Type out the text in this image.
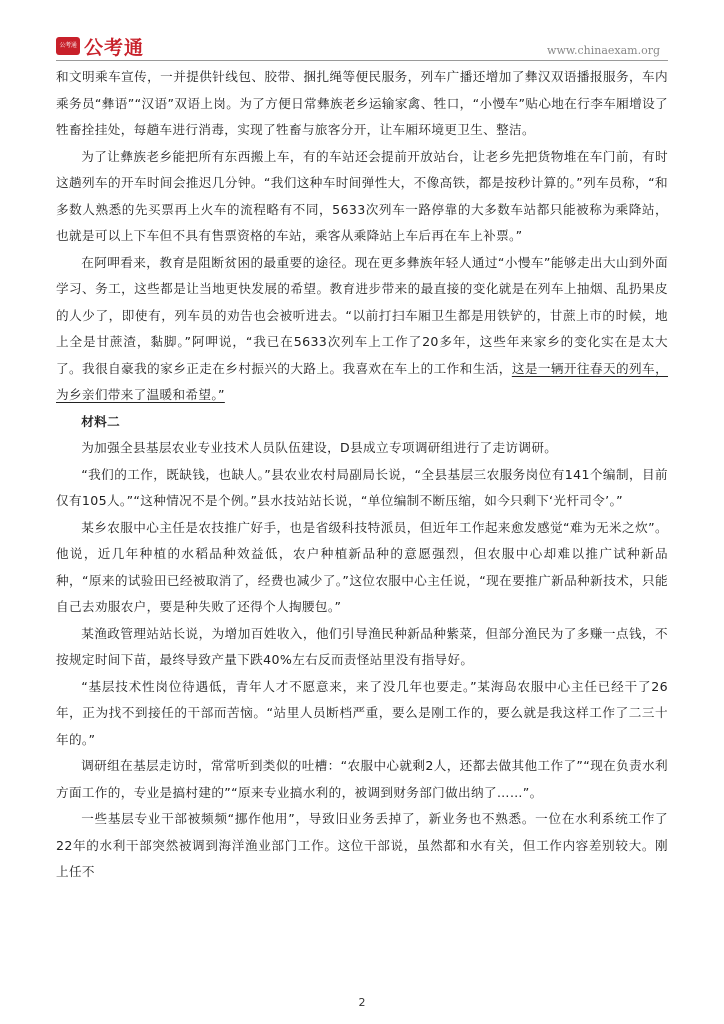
公考通 公考通	www.chinaexam.org

和文明乘车宣传，一并提供针线包、胶带、捆扎绳等便民服务，列车广播还增加了彝汉双语播报服务，车内乘务员“彝语”“汉语”双语上岗。为了方便日常彝族老乡运输家禽、牲口，“小慢车”贴心地在行李车厢增设了牲畜拴挂处，每趟车进行消毒，实现了牲畜与旅客分开，让车厢环境更卫生、整洁。

为了让彝族老乡能把所有东西搬上车，有的车站还会提前开放站台，让老乡先把货物堆在车门前，有时这趟列车的开车时间会推迟几分钟。“我们这种车时间弹性大，不像高铁，都是按秒计算的。”列车员称，“和多数人熟悉的先买票再上火车的流程略有不同，5633次列车一路停靠的大多数车站都只能被称为乘降站，也就是可以上下车但不具有售票资格的车站，乘客从乘降站上车后再在车上补票。”

在阿呷看来，教育是阻断贫困的最重要的途径。现在更多彝族年轻人通过“小慢车”能够走出大山到外面学习、务工，这些都是让当地更快发展的希望。教育进步带来的最直接的变化就是在列车上抽烟、乱扔果皮的人少了，即使有，列车员的劝告也会被听进去。“以前打扫车厢卫生都是用铁铲的，甘蔗上市的时候，地上全是甘蔗渣，黏脚。”阿呷说，“我已在5633次列车上工作了20多年，这些年来家乡的变化实在是太大了。我很自豪我的家乡正走在乡村振兴的大路上。我喜欢在车上的工作和生活，这是一辆开往春天的列车，为乡亲们带来了温暖和希望。”

材料二

为加强全县基层农业专业技术人员队伍建设，D县成立专项调研组进行了走访调研。

“我们的工作，既缺钱，也缺人。”县农业农村局副局长说，“全县基层三农服务岗位有141个编制，目前仅有105人。”“这种情况不是个例。”县水技站站长说，“单位编制不断压缩，如今只剩下‘光杆司令’。”

某乡农服中心主任是农技推广好手，也是省级科技特派员，但近年工作起来愈发感觉“难为无米之炊”。他说，近几年种植的水稻品种效益低，农户种植新品种的意愿强烈，但农服中心却难以推广试种新品种，“原来的试验田已经被取消了，经费也减少了。”这位农服中心主任说，“现在要推广新品种新技术，只能自己去劝服农户，要是种失败了还得个人掏腰包。”

某渔政管理站站长说，为增加百姓收入，他们引导渔民种新品种紫菜，但部分渔民为了多赚一点钱，不按规定时间下苗，最终导致产量下跌40%左右反而责怪站里没有指导好。

“基层技术性岗位待遇低，青年人才不愿意来，来了没几年也要走。”某海岛农服中心主任已经干了26年，正为找不到接任的干部而苦恼。“站里人员断档严重，要么是刚工作的，要么就是我这样工作了二三十年的。”

调研组在基层走访时，常常听到类似的吐槽：“农服中心就剩2人，还都去做其他工作了”“现在负责水利方面工作的，专业是搞村建的”“原来专业搞水利的，被调到财务部门做出纳了……”。

一些基层专业干部被频频“挪作他用”，导致旧业务丢掉了，新业务也不熟悉。一位在水利系统工作了22年的水利干部突然被调到海洋渔业部门工作。这位干部说，虽然都和水有关，但工作内容差别较大。刚上任不

2
